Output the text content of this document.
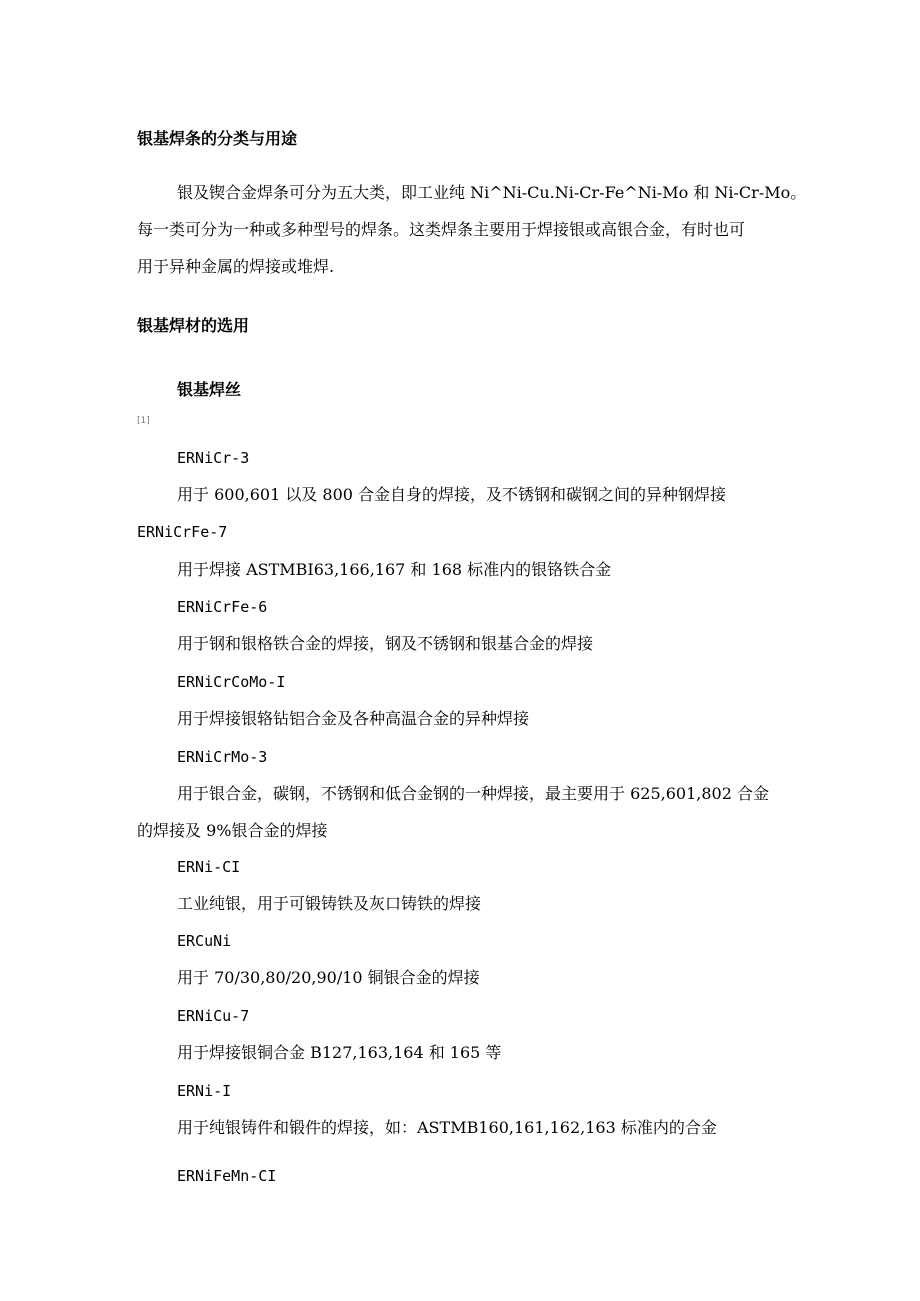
银基焊条的分类与用途
银及锲合金焊条可分为五大类，即工业纯 Ni^Ni-Cu.Ni-Cr-Fe^Ni-Mo 和 Ni-Cr-Mo。
每一类可分为一种或多种型号的焊条。这类焊条主要用于焊接银或高银合金，有时也可
用于异种金属的焊接或堆焊.
银基焊材的选用
银基焊丝
[1]
ERNiCr-3
用于 600,601 以及 800 合金自身的焊接，及不锈钢和碳钢之间的异种钢焊接
ERNiCrFe-7
用于焊接 ASTMBI63,166,167 和 168 标准内的银铬铁合金
ERNiCrFe-6
用于钢和银格铁合金的焊接，钢及不锈钢和银基合金的焊接
ERNiCrCoMo-I
用于焊接银辂钻铝合金及各种高温合金的异种焊接
ERNiCrMo-3
用于银合金，碳钢，不锈钢和低合金钢的一种焊接，最主要用于 625,601,802 合金
的焊接及 9%银合金的焊接
ERNi-CI
工业纯银，用于可锻铸铁及灰口铸铁的焊接
ERCuNi
用于 70/30,80/20,90/10 铜银合金的焊接
ERNiCu-7
用于焊接银铜合金 B127,163,164 和 165 等
ERNi-I
用于纯银铸件和锻件的焊接，如：ASTMB160,161,162,163 标准内的合金
ERNiFeMn-CI
